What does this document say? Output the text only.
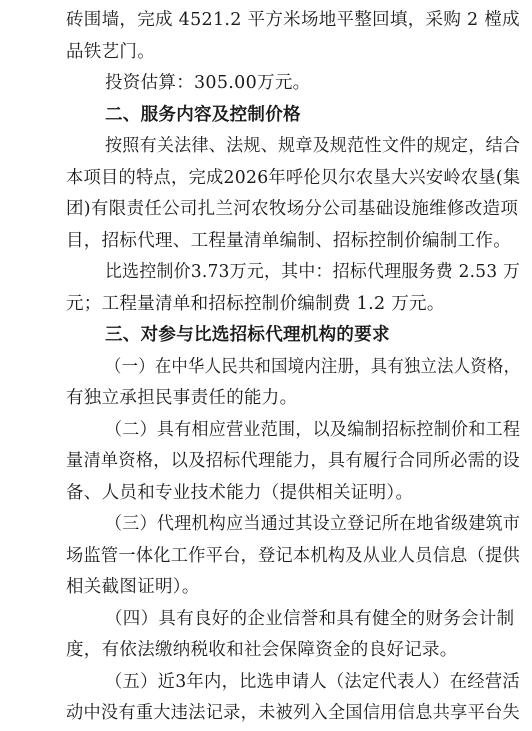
砖围墙，完成 4521.2 平方米场地平整回填，采购 2 樘成
品铁艺门。
投资估算：305.00万元。
二、服务内容及控制价格
按照有关法律、法规、规章及规范性文件的规定，结合
本项目的特点，完成2026年呼伦贝尔农垦大兴安岭农垦(集
团)有限责任公司扎兰河农牧场分公司基础设施维修改造项
目，招标代理、工程量清单编制、招标控制价编制工作。
比选控制价3.73万元，其中：招标代理服务费 2.53 万
元；工程量清单和招标控制价编制费 1.2 万元。
三、对参与比选招标代理机构的要求
（一）在中华人民共和国境内注册，具有独立法人资格，
有独立承担民事责任的能力。
（二）具有相应营业范围，以及编制招标控制价和工程
量清单资格，以及招标代理能力，具有履行合同所必需的设
备、人员和专业技术能力（提供相关证明）。
（三）代理机构应当通过其设立登记所在地省级建筑市
场监管一体化工作平台，登记本机构及从业人员信息（提供
相关截图证明）。
（四）具有良好的企业信誉和具有健全的财务会计制
度，有依法缴纳税收和社会保障资金的良好记录。
（五）近3年内，比选申请人（法定代表人）在经营活
动中没有重大违法记录，未被列入全国信用信息共享平台失
